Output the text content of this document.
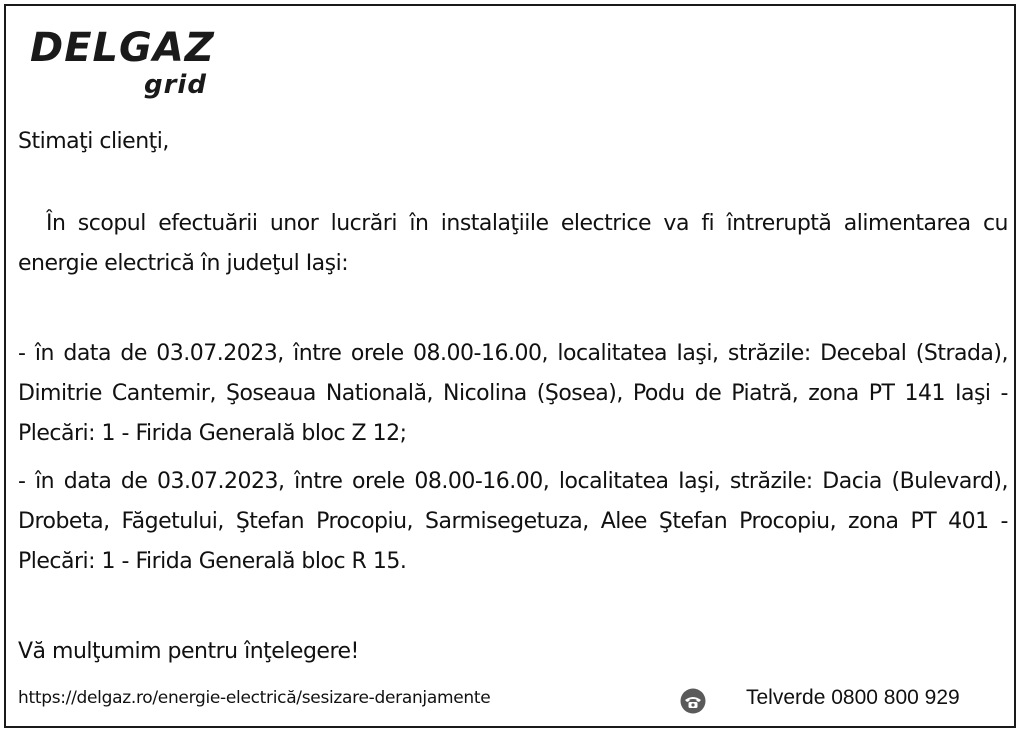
DELGAZ
grid
Stimaţi clienţi,
În scopul efectuării unor lucrări în instalaţiile electrice va fi întreruptă alimentarea cu energie electrică în judeţul Iaşi:
- în data de 03.07.2023, între orele 08.00-16.00, localitatea Iaşi, străzile: Decebal (Strada), Dimitrie Cantemir, Şoseaua Natională, Nicolina (Şosea), Podu de Piatră, zona PT 141 Iaşi - Plecări: 1 - Firida Generală bloc Z 12;
- în data de 03.07.2023, între orele 08.00-16.00, localitatea Iaşi, străzile: Dacia (Bulevard), Drobeta, Făgetului, Ştefan Procopiu, Sarmisegetuza, Alee Ştefan Procopiu, zona PT 401 - Plecări: 1 - Firida Generală bloc R 15.
Vă mulţumim pentru înţelegere!
https://delgaz.ro/energie-electrică/sesizare-deranjamente	Telverde 0800 800 929
